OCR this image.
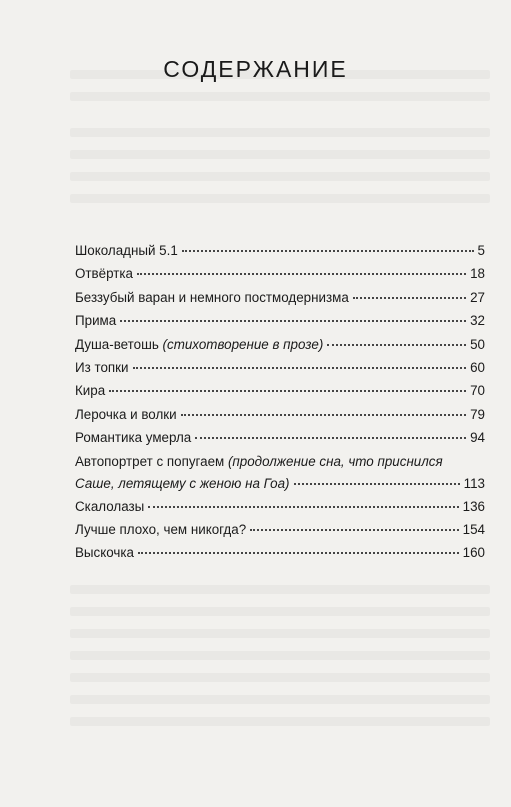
СОДЕРЖАНИЕ
Шоколадный 5.1	5
Отвёртка	18
Беззубый варан и немного постмодернизма	27
Прима	32
Душа-ветошь (стихотворение в прозе)	50
Из топки	60
Кира	70
Лерочка и волки	79
Романтика умерла	94
Автопортрет с попугаем (продолжение сна, что приснился
Саше, летящему с женою на Гоа)	113
Скалолазы	136
Лучше плохо, чем никогда?	154
Выскочка	160
